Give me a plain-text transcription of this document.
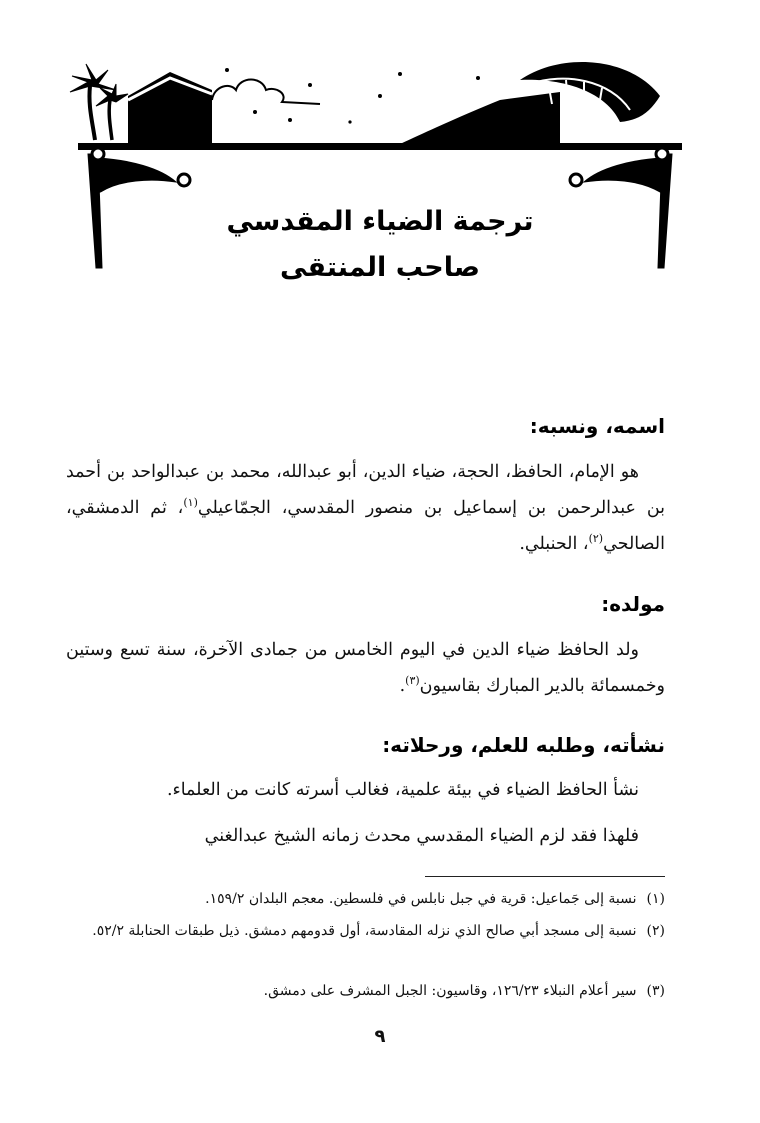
ترجمة الضياء المقدسي
صاحب المنتقى
اسمه، ونسبه:

هو الإمام، الحافظ، الحجة، ضياء الدين، أبو عبدالله، محمد بن عبدالواحد بن أحمد بن عبدالرحمن بن إسماعيل بن منصور المقدسي، الجمّاعيلي$^{(١)}$، ثم الدمشقي، الصالحي$^{(٢)}$، الحنبلي.

مولده:

ولد الحافظ ضياء الدين في اليوم الخامس من جمادى الآخرة، سنة تسع وستين وخمسمائة بالدير المبارك بقاسيون$^{(٣)}$.

نشأته، وطلبه للعلم، ورحلاته:

نشأ الحافظ الضياء في بيئة علمية، فغالب أسرته كانت من العلماء.

فلهذا فقد لزم الضياء المقدسي محدث زمانه الشيخ عبدالغني

(١)
نسبة إلى جَماعيل: قرية في جبل نابلس في فلسطين. معجم البلدان ١٥٩/٢.
(٢)
نسبة إلى مسجد أبي صالح الذي نزله المقادسة، أول قدومهم دمشق. ذيل طبقات الحنابلة ٥٢/٢.
(٣)
سير أعلام النبلاء ١٢٦/٢٣، وقاسيون: الجبل المشرف على دمشق.
٩
